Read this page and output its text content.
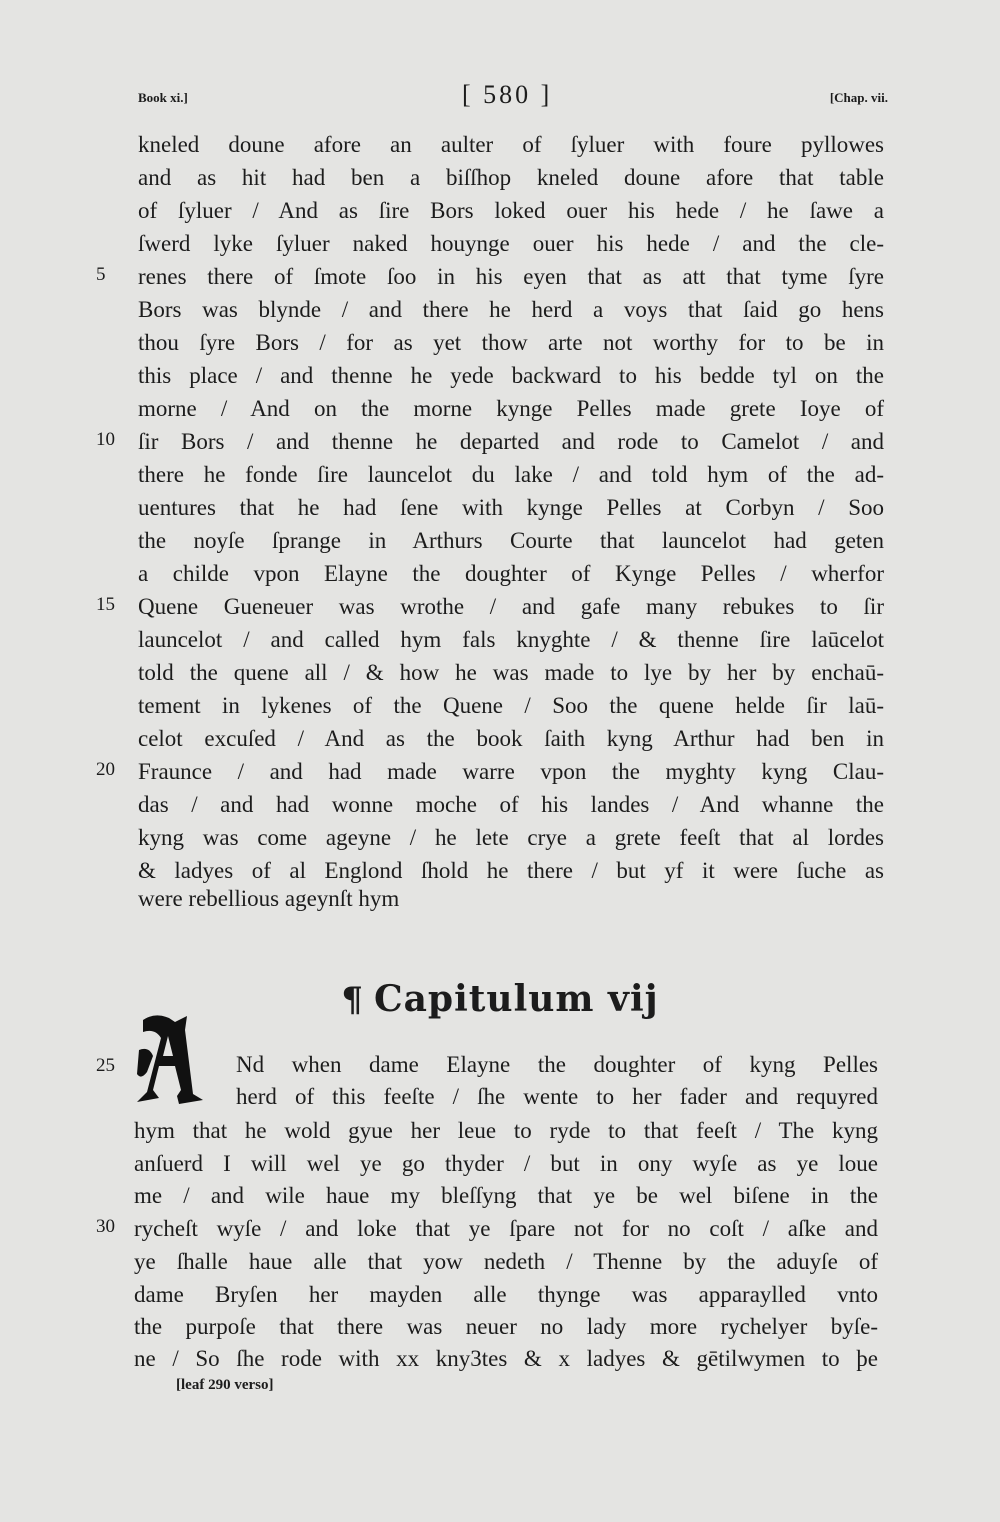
Book xi.]	[ 580 ]	[Chap. vii.
kneled doune afore an aulter of ſyluer with foure pyllowes
and as hit had ben a biſſhop kneled doune afore that table
of ſyluer / And as ſire Bors loked ouer his hede / he ſawe a
ſwerd lyke ſyluer naked houynge ouer his hede / and the cle-
5	renes there of ſmote ſoo in his eyen that as att that tyme ſyre
Bors was blynde / and there he herd a voys that ſaid go hens
thou ſyre Bors / for as yet thow arte not worthy for to be in
this place / and thenne he yede backward to his bedde tyl on the
morne / And on the morne kynge Pelles made grete Ioye of
10	ſir Bors / and thenne he departed and rode to Camelot / and
there he fonde ſire launcelot du lake / and told hym of the ad-
uentures that he had ſene with kynge Pelles at Corbyn / Soo
the noyſe ſprange in Arthurs Courte that launcelot had geten
a childe vpon Elayne the doughter of Kynge Pelles / wherfor
15	Quene Gueneuer was wrothe / and gafe many rebukes to ſir
launcelot / and called hym fals knyghte / & thenne ſire laūcelot
told the quene all / & how he was made to lye by her by enchaū-
tement in lykenes of the Quene / Soo the quene helde ſir laū-
celot excuſed / And as the book ſaith kyng Arthur had ben in
20	Fraunce / and had made warre vpon the myghty kyng Clau-
das / and had wonne moche of his landes / And whanne the
kyng was come ageyne / he lete crye a grete feeſt that al lordes
& ladyes of al Englond ſhold he there / but yf it were ſuche as
were rebellious ageynſt hym
¶ Capitulum vij
25	Nd when dame Elayne the doughter of kyng Pelles
herd of this feeſte / ſhe wente to her fader and requyred
hym that he wold gyue her leue to ryde to that feeſt / The kyng
anſuerd I will wel ye go thyder / but in ony wyſe as ye loue
me / and wile haue my bleſſyng that ye be wel biſene in the
30 rycheſt wyſe / and loke that ye ſpare not for no coſt / aſke and
ye ſhalle haue alle that yow nedeth / Thenne by the aduyſe of
dame Bryſen her mayden alle thynge was apparaylled vnto
the purpoſe that there was neuer no lady more rychelyer byſe-
ne / So ſhe rode with xx kny3tes & x ladyes & gētilwymen to þe
[leaf 290 verso]
